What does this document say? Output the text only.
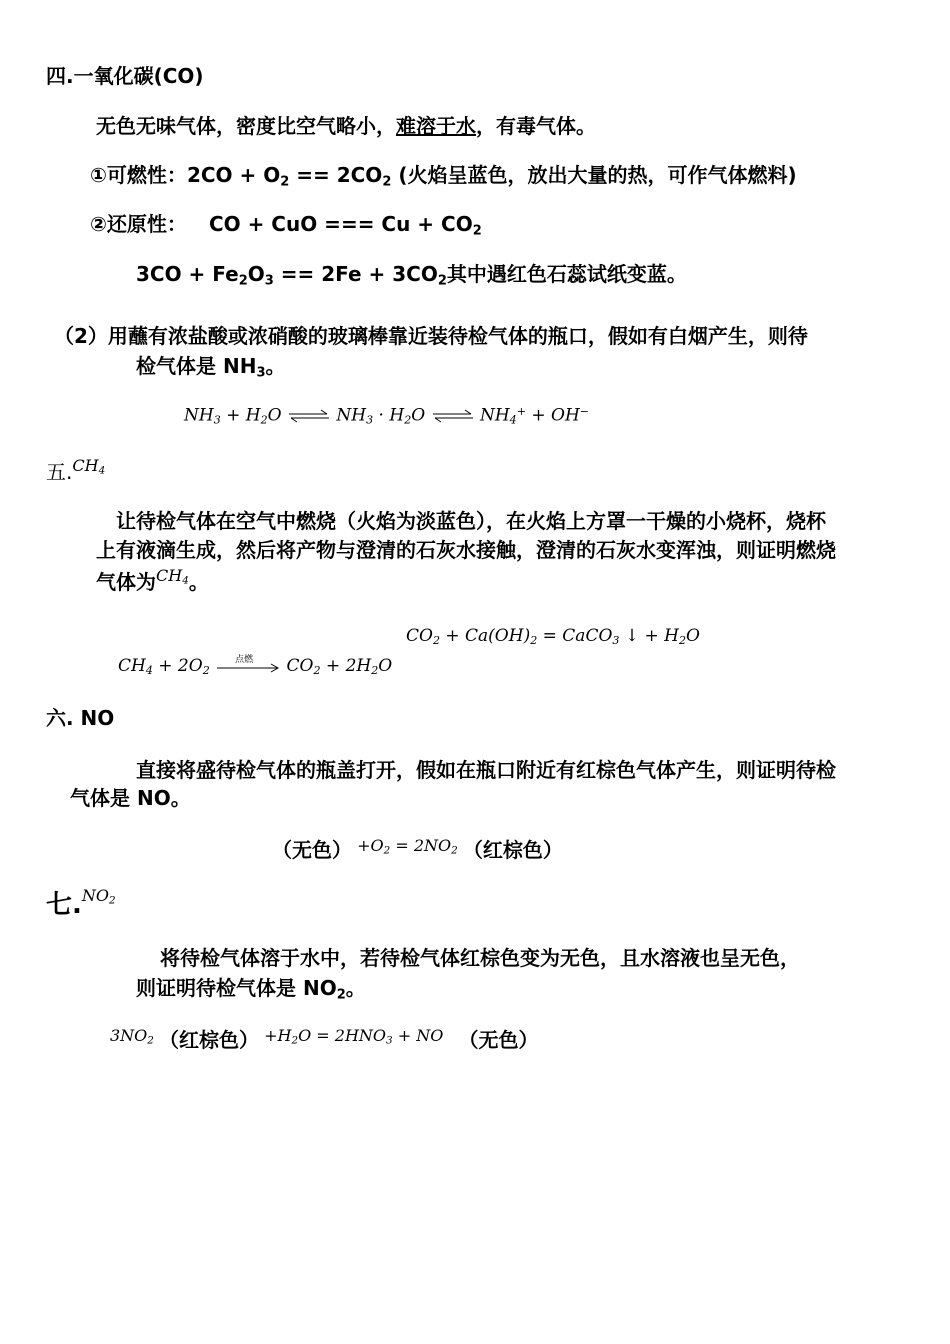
四.一氧化碳(CO)
无色无味气体，密度比空气略小，难溶于水，有毒气体。
①可燃性：$2CO + O_2 == 2CO_2$ (火焰呈蓝色，放出大量的热，可作气体燃料)
②还原性： CO + CuO === $Cu + CO_2$
$3CO + Fe_2O_3 == 2Fe + 3CO_2$其中遇红色石蕊试纸变蓝。
（2）用蘸有浓盐酸或浓硝酸的玻璃棒靠近装待检气体的瓶口，假如有白烟产生，则待
检气体是 $NH_3$。
$NH_3 + H_2O$ ⇌ $NH_3 \cdot H_2O$ ⇌ $NH_4^+ + OH^-$
五.$^{CH_4}$
让待检气体在空气中燃烧（火焰为淡蓝色），在火焰上方罩一干燥的小烧杯，烧杯
上有液滴生成，然后将产物与澄清的石灰水接触，澄清的石灰水变浑浊，则证明燃烧
气体为$^{CH_4}$。
$CO_2 + Ca(OH)_2$ = CaCO$_3$ ↓ + $H_2O$
$CH_4 + 2O_2$
点燃 $CO_2 + 2H_2O$
六. NO
直接将盛待检气体的瓶盖打开，假如在瓶口附近有红棕色气体产生，则证明待检
气体是 NO。
（无色） $+O_2 = 2NO_2$ （红棕色）
七$.NO_2$
将待检气体溶于水中，若待检气体红棕色变为无色，且水溶液也呈无色，
则证明待检气体是 $NO_2$。
$3NO_2$ （红棕色） $+H_2O = 2HNO_3$ + NO （无色）
